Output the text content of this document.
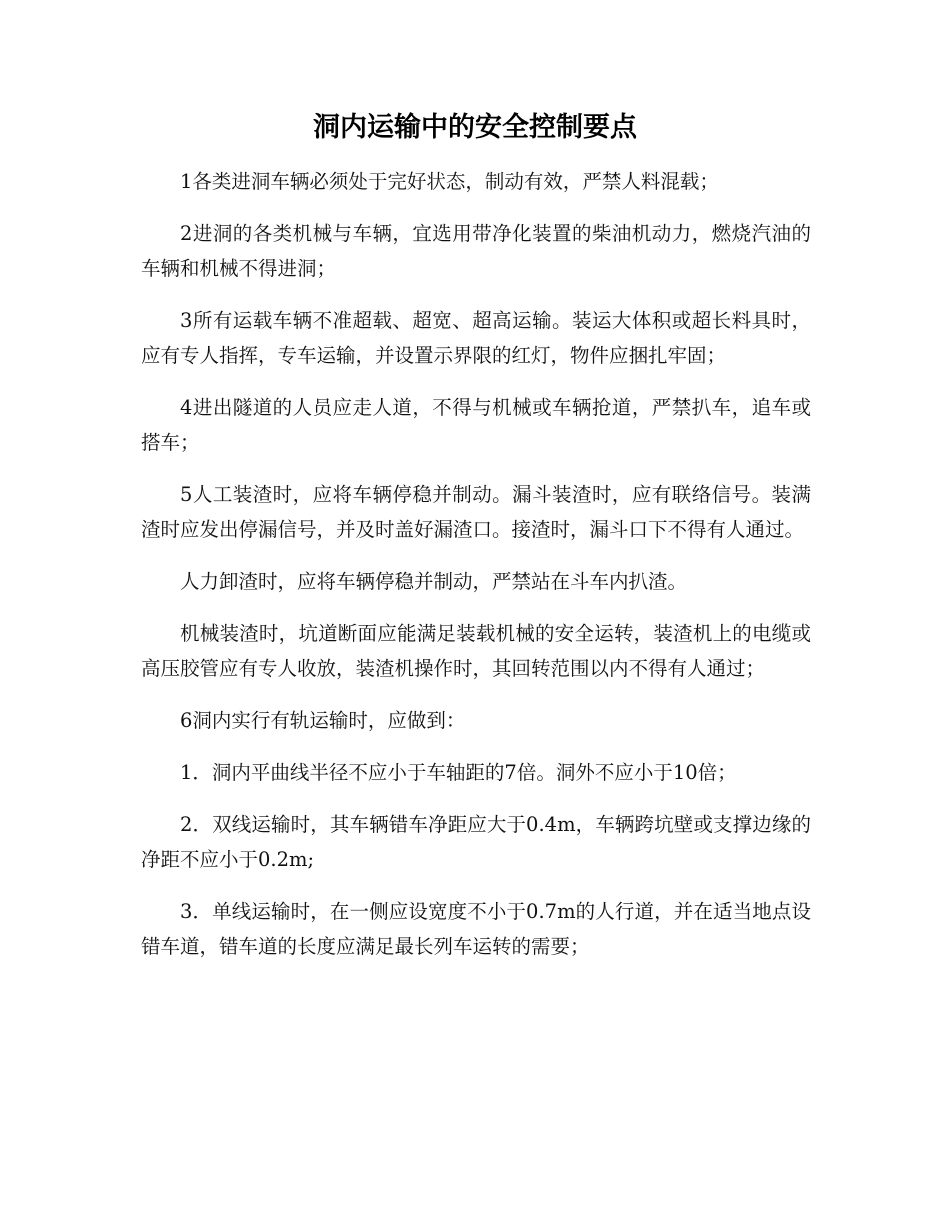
洞内运输中的安全控制要点

1各类进洞车辆必须处于完好状态，制动有效，严禁人料混载；

2进洞的各类机械与车辆，宜选用带净化装置的柴油机动力，燃烧汽油的车辆和机械不得进洞；

3所有运载车辆不准超载、超宽、超高运输。装运大体积或超长料具时，应有专人指挥，专车运输，并设置示界限的红灯，物件应捆扎牢固；

4进出隧道的人员应走人道，不得与机械或车辆抢道，严禁扒车，追车或搭车；

5人工装渣时，应将车辆停稳并制动。漏斗装渣时，应有联络信号。装满渣时应发出停漏信号，并及时盖好漏渣口。接渣时，漏斗口下不得有人通过。

人力卸渣时，应将车辆停稳并制动，严禁站在斗车内扒渣。

机械装渣时，坑道断面应能满足装载机械的安全运转，装渣机上的电缆或高压胶管应有专人收放，装渣机操作时，其回转范围以内不得有人通过；

6洞内实行有轨运输时，应做到：

1．洞内平曲线半径不应小于车轴距的7倍。洞外不应小于10倍；

2．双线运输时，其车辆错车净距应大于0.4m，车辆跨坑壁或支撑边缘的净距不应小于0.2m;

3．单线运输时，在一侧应设宽度不小于0.7m的人行道，并在适当地点设错车道，错车道的长度应满足最长列车运转的需要；
